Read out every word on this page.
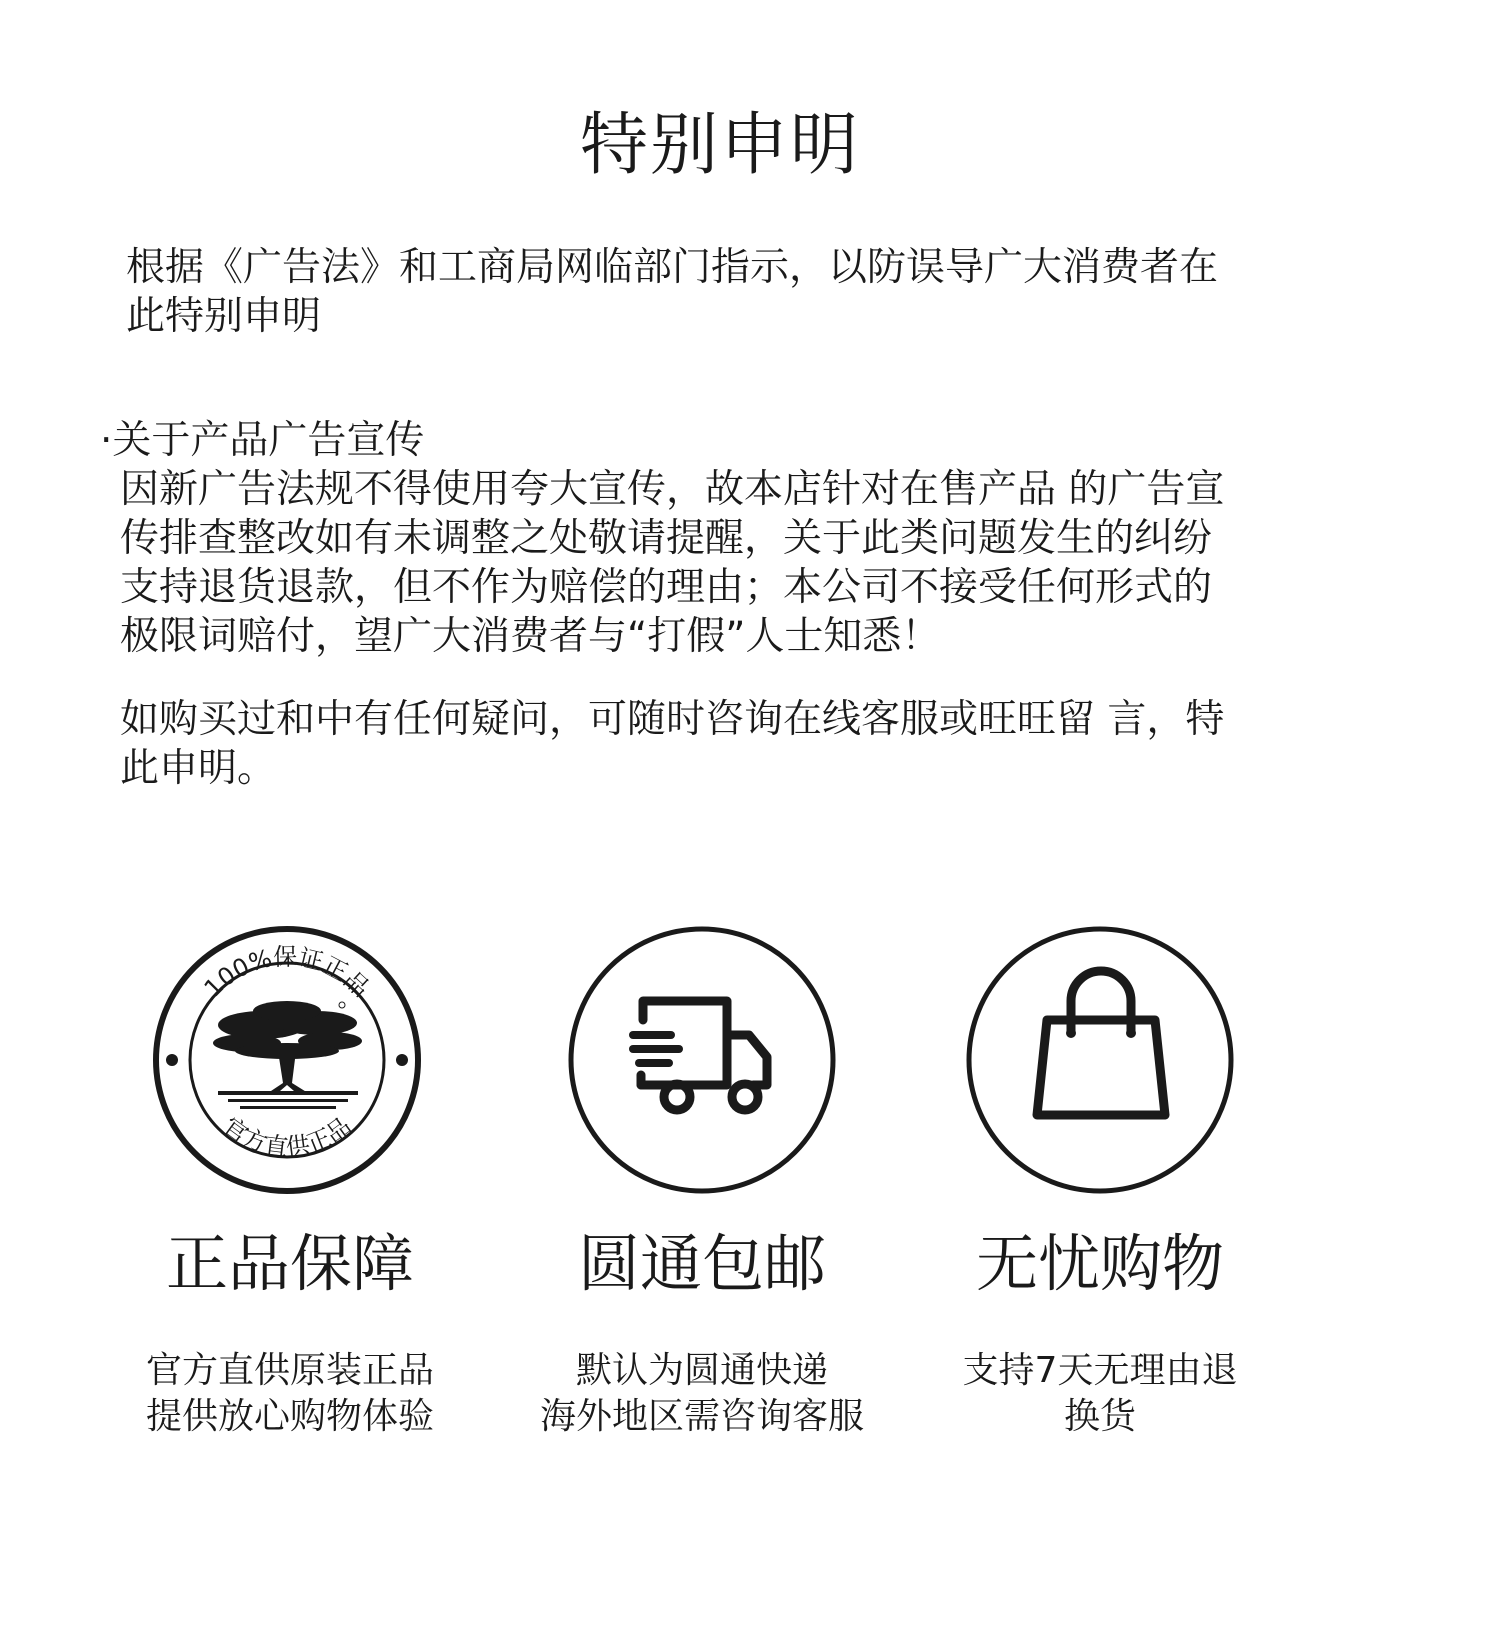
特别申明

根据《广告法》和工商局网临部门指示，以防误导广大消费者在
此特别申明

·关于产品广告宣传
因新广告法规不得使用夸大宣传，故本店针对在售产品 的广告宣
传排查整改如有未调整之处敬请提醒，关于此类问题发生的纠纷
支持退货退款，但不作为赔偿的理由；本公司不接受任何形式的
极限词赔付，望广大消费者与“打假”人士知悉！

如购买过和中有任何疑问，可随时咨询在线客服或旺旺留 言，特
此申明。

100%保证正品
官方直供正品
正品保障	圆通包邮	无忧购物

官方直供原装正品
提供放心购物体验

默认为圆通快递
海外地区需咨询客服

支持7天无理由退
换货
